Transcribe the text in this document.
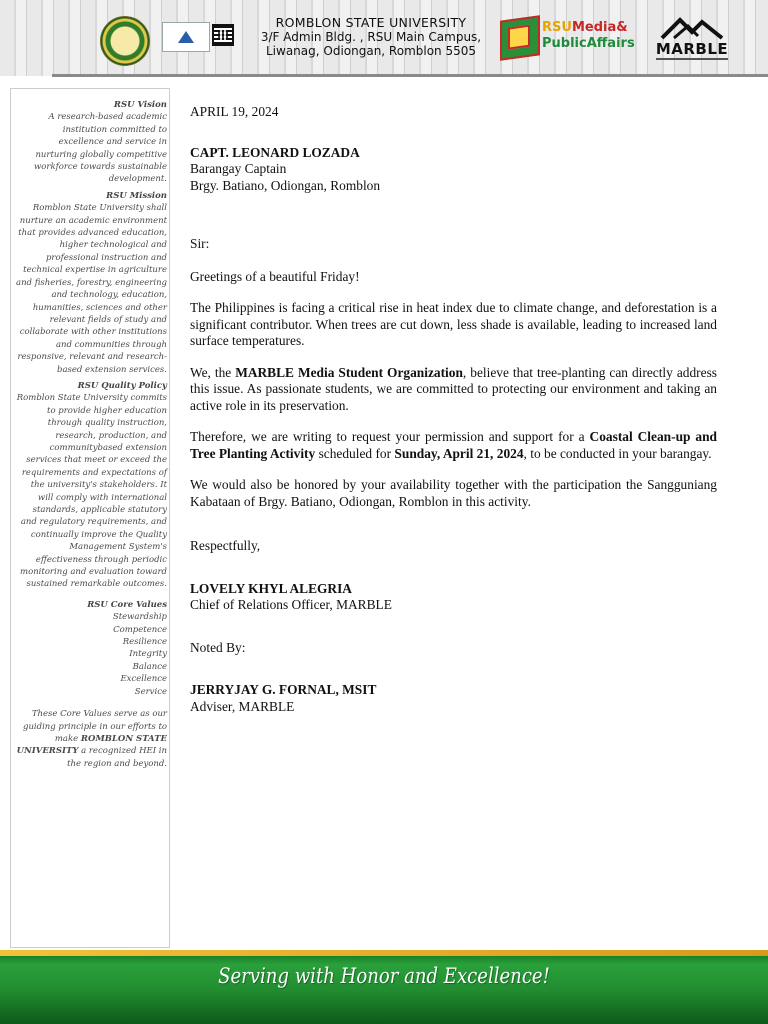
ROMBLON STATE UNIVERSITY
3/F Admin Bldg. , RSU Main Campus,
Liwanag, Odiongan, Romblon 5505
RSUMedia&
PublicAffairs MARBLE
RSU Vision
A research-based academic institution committed to excellence and service in nurturing globally competitive workforce towards sustainable development.
RSU Mission
Romblon State University shall nurture an academic environment that provides advanced education, higher technological and professional instruction and technical expertise in agriculture and fisheries, forestry, engineering and technology, education, humanities, sciences and other relevant fields of study and collaborate with other institutions and communities through responsive, relevant and research-based extension services.
RSU Quality Policy
Romblon State University commits to provide higher education through quality instruction, research, production, and communitybased extension services that meet or exceed the requirements and expectations of the university's stakeholders. It will comply with international standards, applicable statutory and regulatory requirements, and continually improve the Quality Management System's effectiveness through periodic monitoring and evaluation toward sustained remarkable outcomes.
RSU Core Values
Stewardship
Competence
Resilience
Integrity
Balance
Excellence
Service
These Core Values serve as our guiding principle in our efforts to make ROMBLON STATE UNIVERSITY a recognized HEI in the region and beyond.
APRIL 19, 2024
CAPT. LEONARD LOZADA
Barangay Captain
Brgy. Batiano, Odiongan, Romblon
Sir:

Greetings of a beautiful Friday!

The Philippines is facing a critical rise in heat index due to climate change, and deforestation is a significant contributor. When trees are cut down, less shade is available, leading to increased land surface temperatures.

We, the MARBLE Media Student Organization, believe that tree-planting can directly address this issue. As passionate students, we are committed to protecting our environment and taking an active role in its preservation.

Therefore, we are writing to request your permission and support for a Coastal Clean-up and Tree Planting Activity scheduled for Sunday, April 21, 2024, to be conducted in your barangay.

We would also be honored by your availability together with the participation the Sangguniang Kabataan of Brgy. Batiano, Odiongan, Romblon in this activity.

Respectfully,
LOVELY KHYL ALEGRIA
Chief of Relations Officer, MARBLE
Noted By:
JERRYJAY G. FORNAL, MSIT
Adviser, MARBLE
Serving with Honor and Excellence!
